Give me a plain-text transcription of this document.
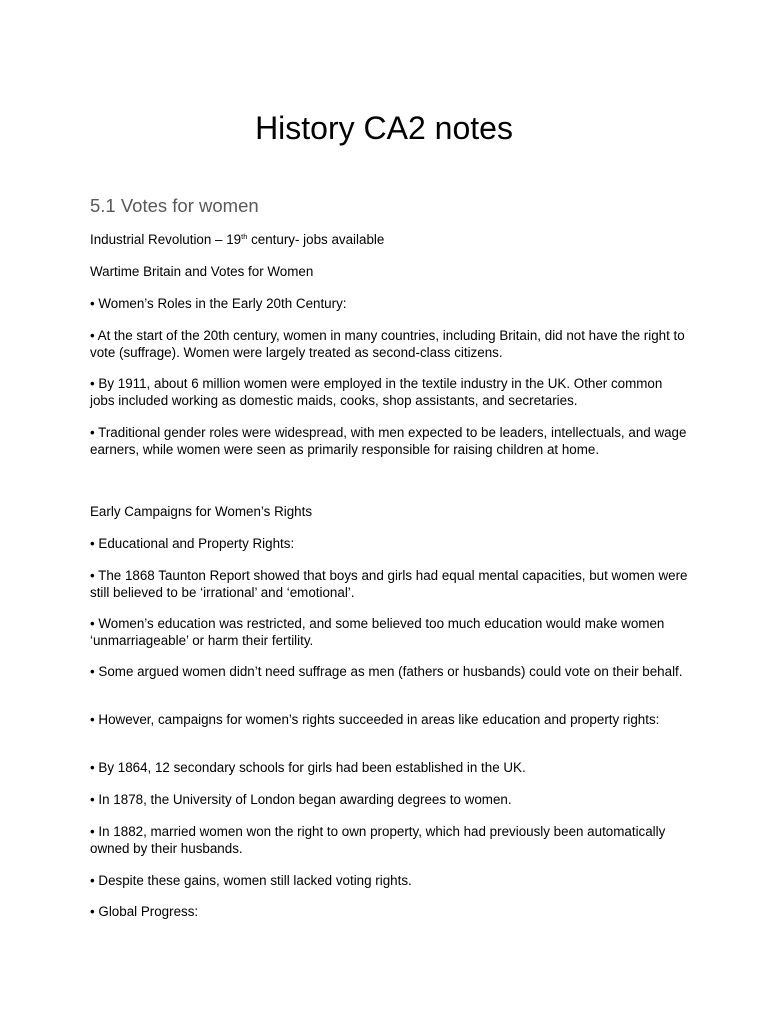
History CA2 notes
5.1 Votes for women

Industrial Revolution – 19th century- jobs available

Wartime Britain and Votes for Women

• Women’s Roles in the Early 20th Century:

• At the start of the 20th century, women in many countries, including Britain, did not have the right to vote (suffrage). Women were largely treated as second-class citizens.

• By 1911, about 6 million women were employed in the textile industry in the UK. Other common jobs included working as domestic maids, cooks, shop assistants, and secretaries.

• Traditional gender roles were widespread, with men expected to be leaders, intellectuals, and wage earners, while women were seen as primarily responsible for raising children at home.

Early Campaigns for Women’s Rights

• Educational and Property Rights:

• The 1868 Taunton Report showed that boys and girls had equal mental capacities, but women were still believed to be ‘irrational’ and ‘emotional’.

• Women’s education was restricted, and some believed too much education would make women ‘unmarriageable’ or harm their fertility.

• Some argued women didn’t need suffrage as men (fathers or husbands) could vote on their behalf.

• However, campaigns for women’s rights succeeded in areas like education and property rights:

• By 1864, 12 secondary schools for girls had been established in the UK.

• In 1878, the University of London began awarding degrees to women.

• In 1882, married women won the right to own property, which had previously been automatically owned by their husbands.

• Despite these gains, women still lacked voting rights.

• Global Progress:
